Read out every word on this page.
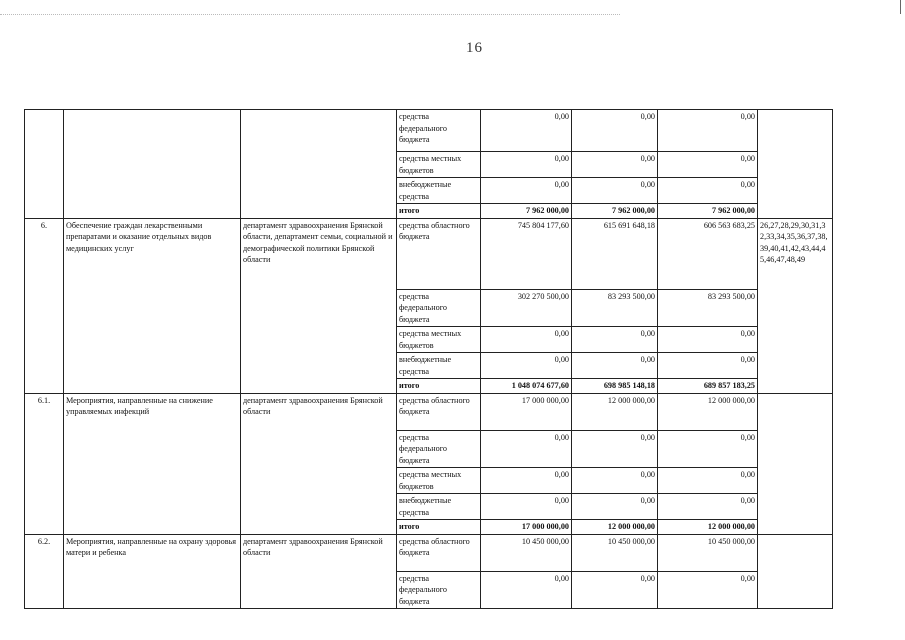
16
			средства федерального бюджета	0,00	0,00	0,00	
			средства местных бюджетов	0,00	0,00	0,00	
			внебюджетные средства	0,00	0,00	0,00	
			итого	7 962 000,00	7 962 000,00	7 962 000,00	
6.	Обеспечение граждан лекарственными препаратами и оказание отдельных видов медицинских услуг	департамент здравоохранения Брянской области, департамент семьи, социальной и демографической политики Брянской области	средства областного бюджета	745 804 177,60	615 691 648,18	606 563 683,25	26,27,28,29,30,31,32,33,34,35,36,37,38,39,40,41,42,43,44,45,46,47,48,49
			средства федерального бюджета	302 270 500,00	83 293 500,00	83 293 500,00	
			средства местных бюджетов	0,00	0,00	0,00	
			внебюджетные средства	0,00	0,00	0,00	
			итого	1 048 074 677,60	698 985 148,18	689 857 183,25	
6.1.	Мероприятия, направленные на снижение управляемых инфекций	департамент здравоохранения Брянской области	средства областного бюджета	17 000 000,00	12 000 000,00	12 000 000,00	
			средства федерального бюджета	0,00	0,00	0,00	
			средства местных бюджетов	0,00	0,00	0,00	
			внебюджетные средства	0,00	0,00	0,00	
			итого	17 000 000,00	12 000 000,00	12 000 000,00	
6.2.	Мероприятия, направленные на охрану здоровья матери и ребенка	департамент здравоохранения Брянской области	средства областного бюджета	10 450 000,00	10 450 000,00	10 450 000,00	
			средства федерального бюджета	0,00	0,00	0,00	
